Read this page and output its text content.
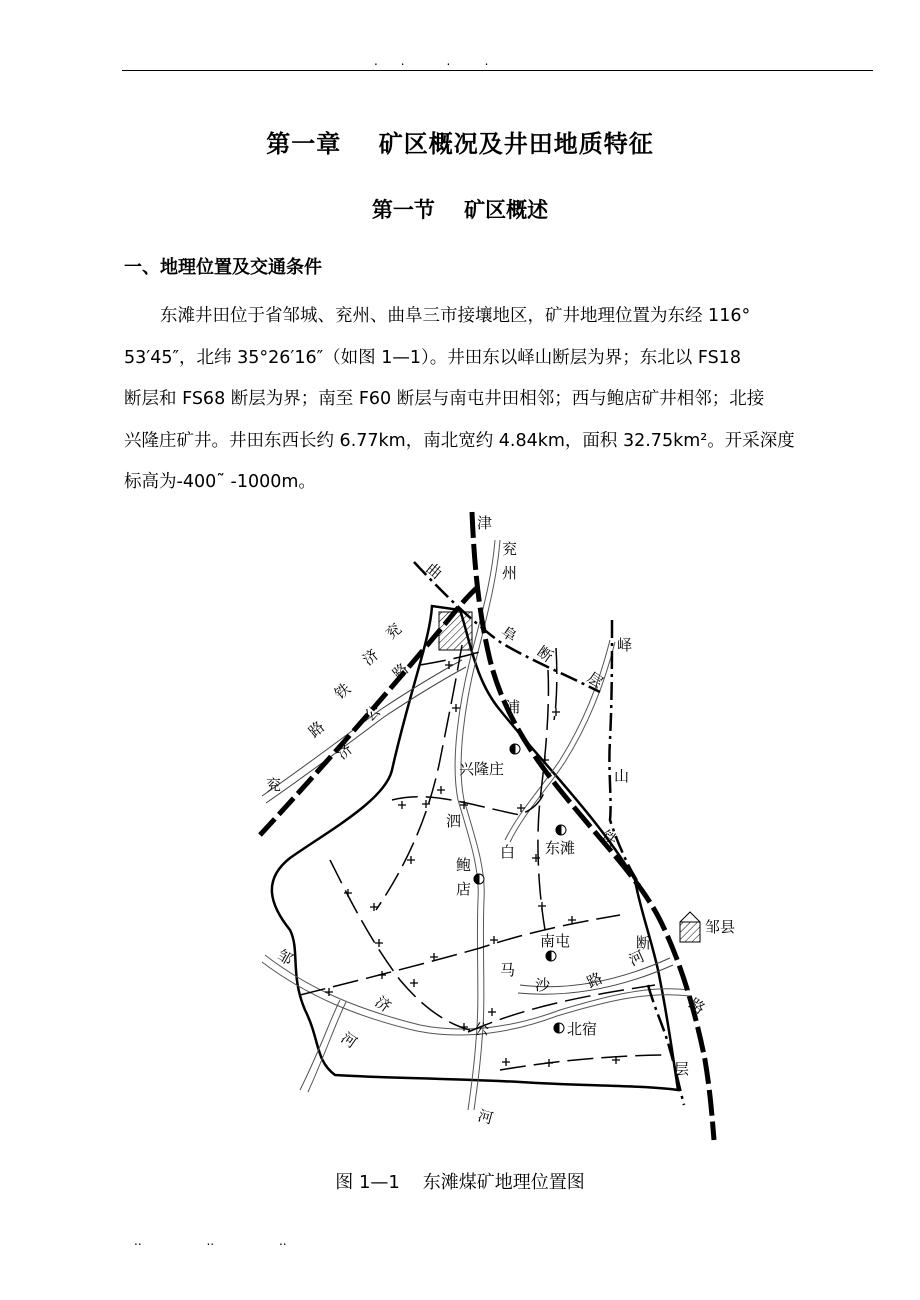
.      .           .         .
第一章    矿区概况及井田地质特征
第一节    矿区概述
一、地理位置及交通条件

东滩井田位于省邹城、兖州、曲阜三市接壤地区，矿井地理位置为东经 116°
53′45″，北纬 35°26′16″（如图 1—1）。井田东以峄山断层为界；东北以 FS18
断层和 FS68 断层为界；南至 F60 断层与南屯井田相邻；西与鲍店矿井相邻；北接
兴隆庄矿井。井田东西长约 6.77km，南北宽约 4.84km，面积 32.75km²。开采深度
标高为-400˜ -1000m。

津
兖
州
曲
阜
断
层
峄
山
浦
铁
路
兖
济
铁
路
路
公
济
兖
兴隆庄
泗
白 东滩
鲍
店
南屯
邹
邹县
断
马
沙 路
河
济
公
河	北宿
层
河
图 1—1    东滩煤矿地理位置图
..                 ..                 ..
